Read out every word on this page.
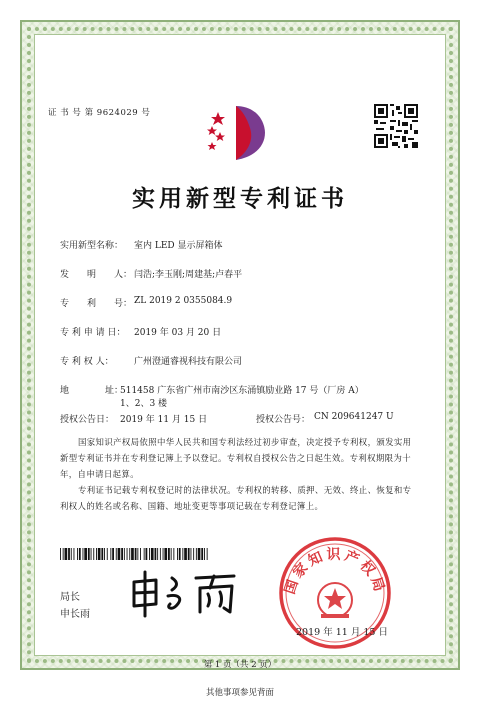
证 书 号 第 9624029 号
实用新型专利证书
实用新型名称： 室内 LED 显示屏箱体
发　　明　　人： 闫浩;李玉刚;周建基;卢春平
专　　利　　号： ZL 2019 2 0355084.9
专 利 申 请 日： 2019 年 03 月 20 日
专 利 权 人： 广州澄通睿视科技有限公司
地　　　　址：
511458 广东省广州市南沙区东涌镇励业路 17 号（厂房 A）
1、2、3 楼
授权公告日： 2019 年 11 月 15 日	授权公告号： CN 209641247 U
国家知识产权局依照中华人民共和国专利法经过初步审查，决定授予专利权，颁发实用新型专利证书并在专利登记簿上予以登记。专利权自授权公告之日起生效。专利权期限为十年，自申请日起算。
专利证书记载专利权登记时的法律状况。专利权的转移、质押、无效、终止、恢复和专利权人的姓名或名称、国籍、地址变更等事项记载在专利登记簿上。
国家知识产权局
局长
申长雨
2019 年 11 月 15 日
第 1 页（共 2 页）
其他事项参见背面
